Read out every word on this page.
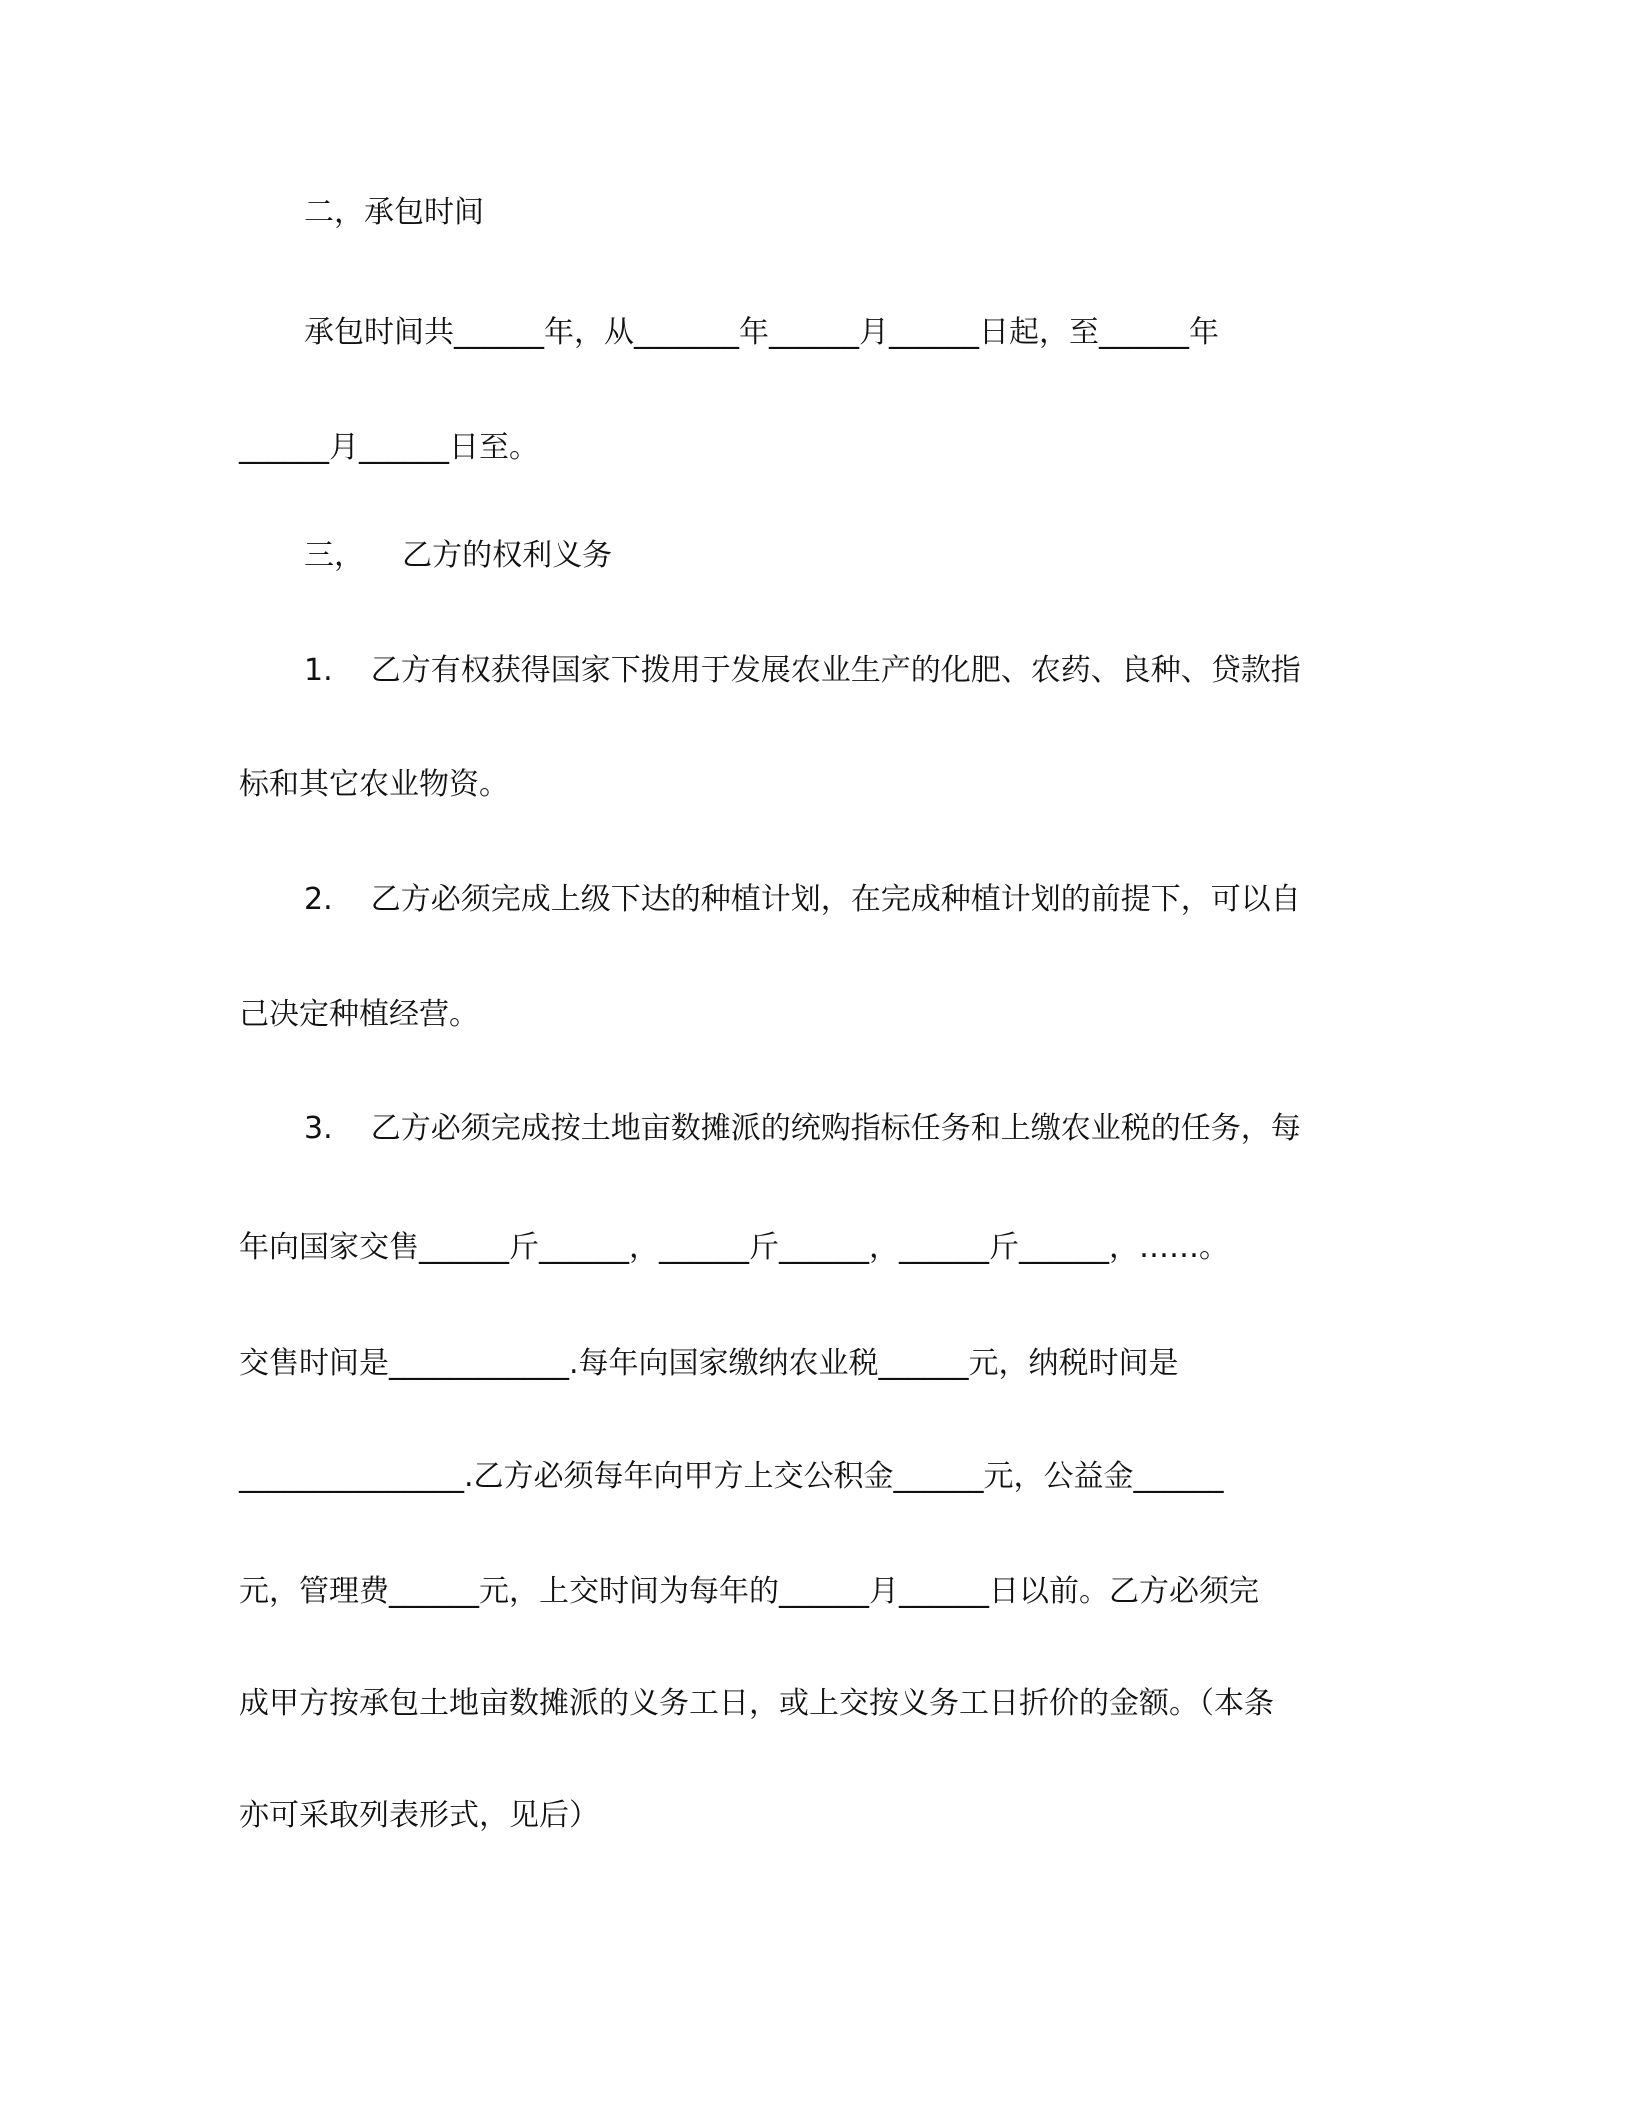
二，承包时间
承包时间共______年，从_______年______月______日起，至______年
______月______日至。
三，    乙方的权利义务
1.    乙方有权获得国家下拨用于发展农业生产的化肥、农药、良种、贷款指
标和其它农业物资。
2.    乙方必须完成上级下达的种植计划，在完成种植计划的前提下，可以自
己决定种植经营。
3.    乙方必须完成按土地亩数摊派的统购指标任务和上缴农业税的任务，每
年向国家交售______斤______，______斤______，______斤______，……。
交售时间是____________.每年向国家缴纳农业税______元，纳税时间是
_______________.乙方必须每年向甲方上交公积金______元，公益金______
元，管理费______元，上交时间为每年的______月______日以前。乙方必须完
成甲方按承包土地亩数摊派的义务工日，或上交按义务工日折价的金额。（本条
亦可采取列表形式，见后）
